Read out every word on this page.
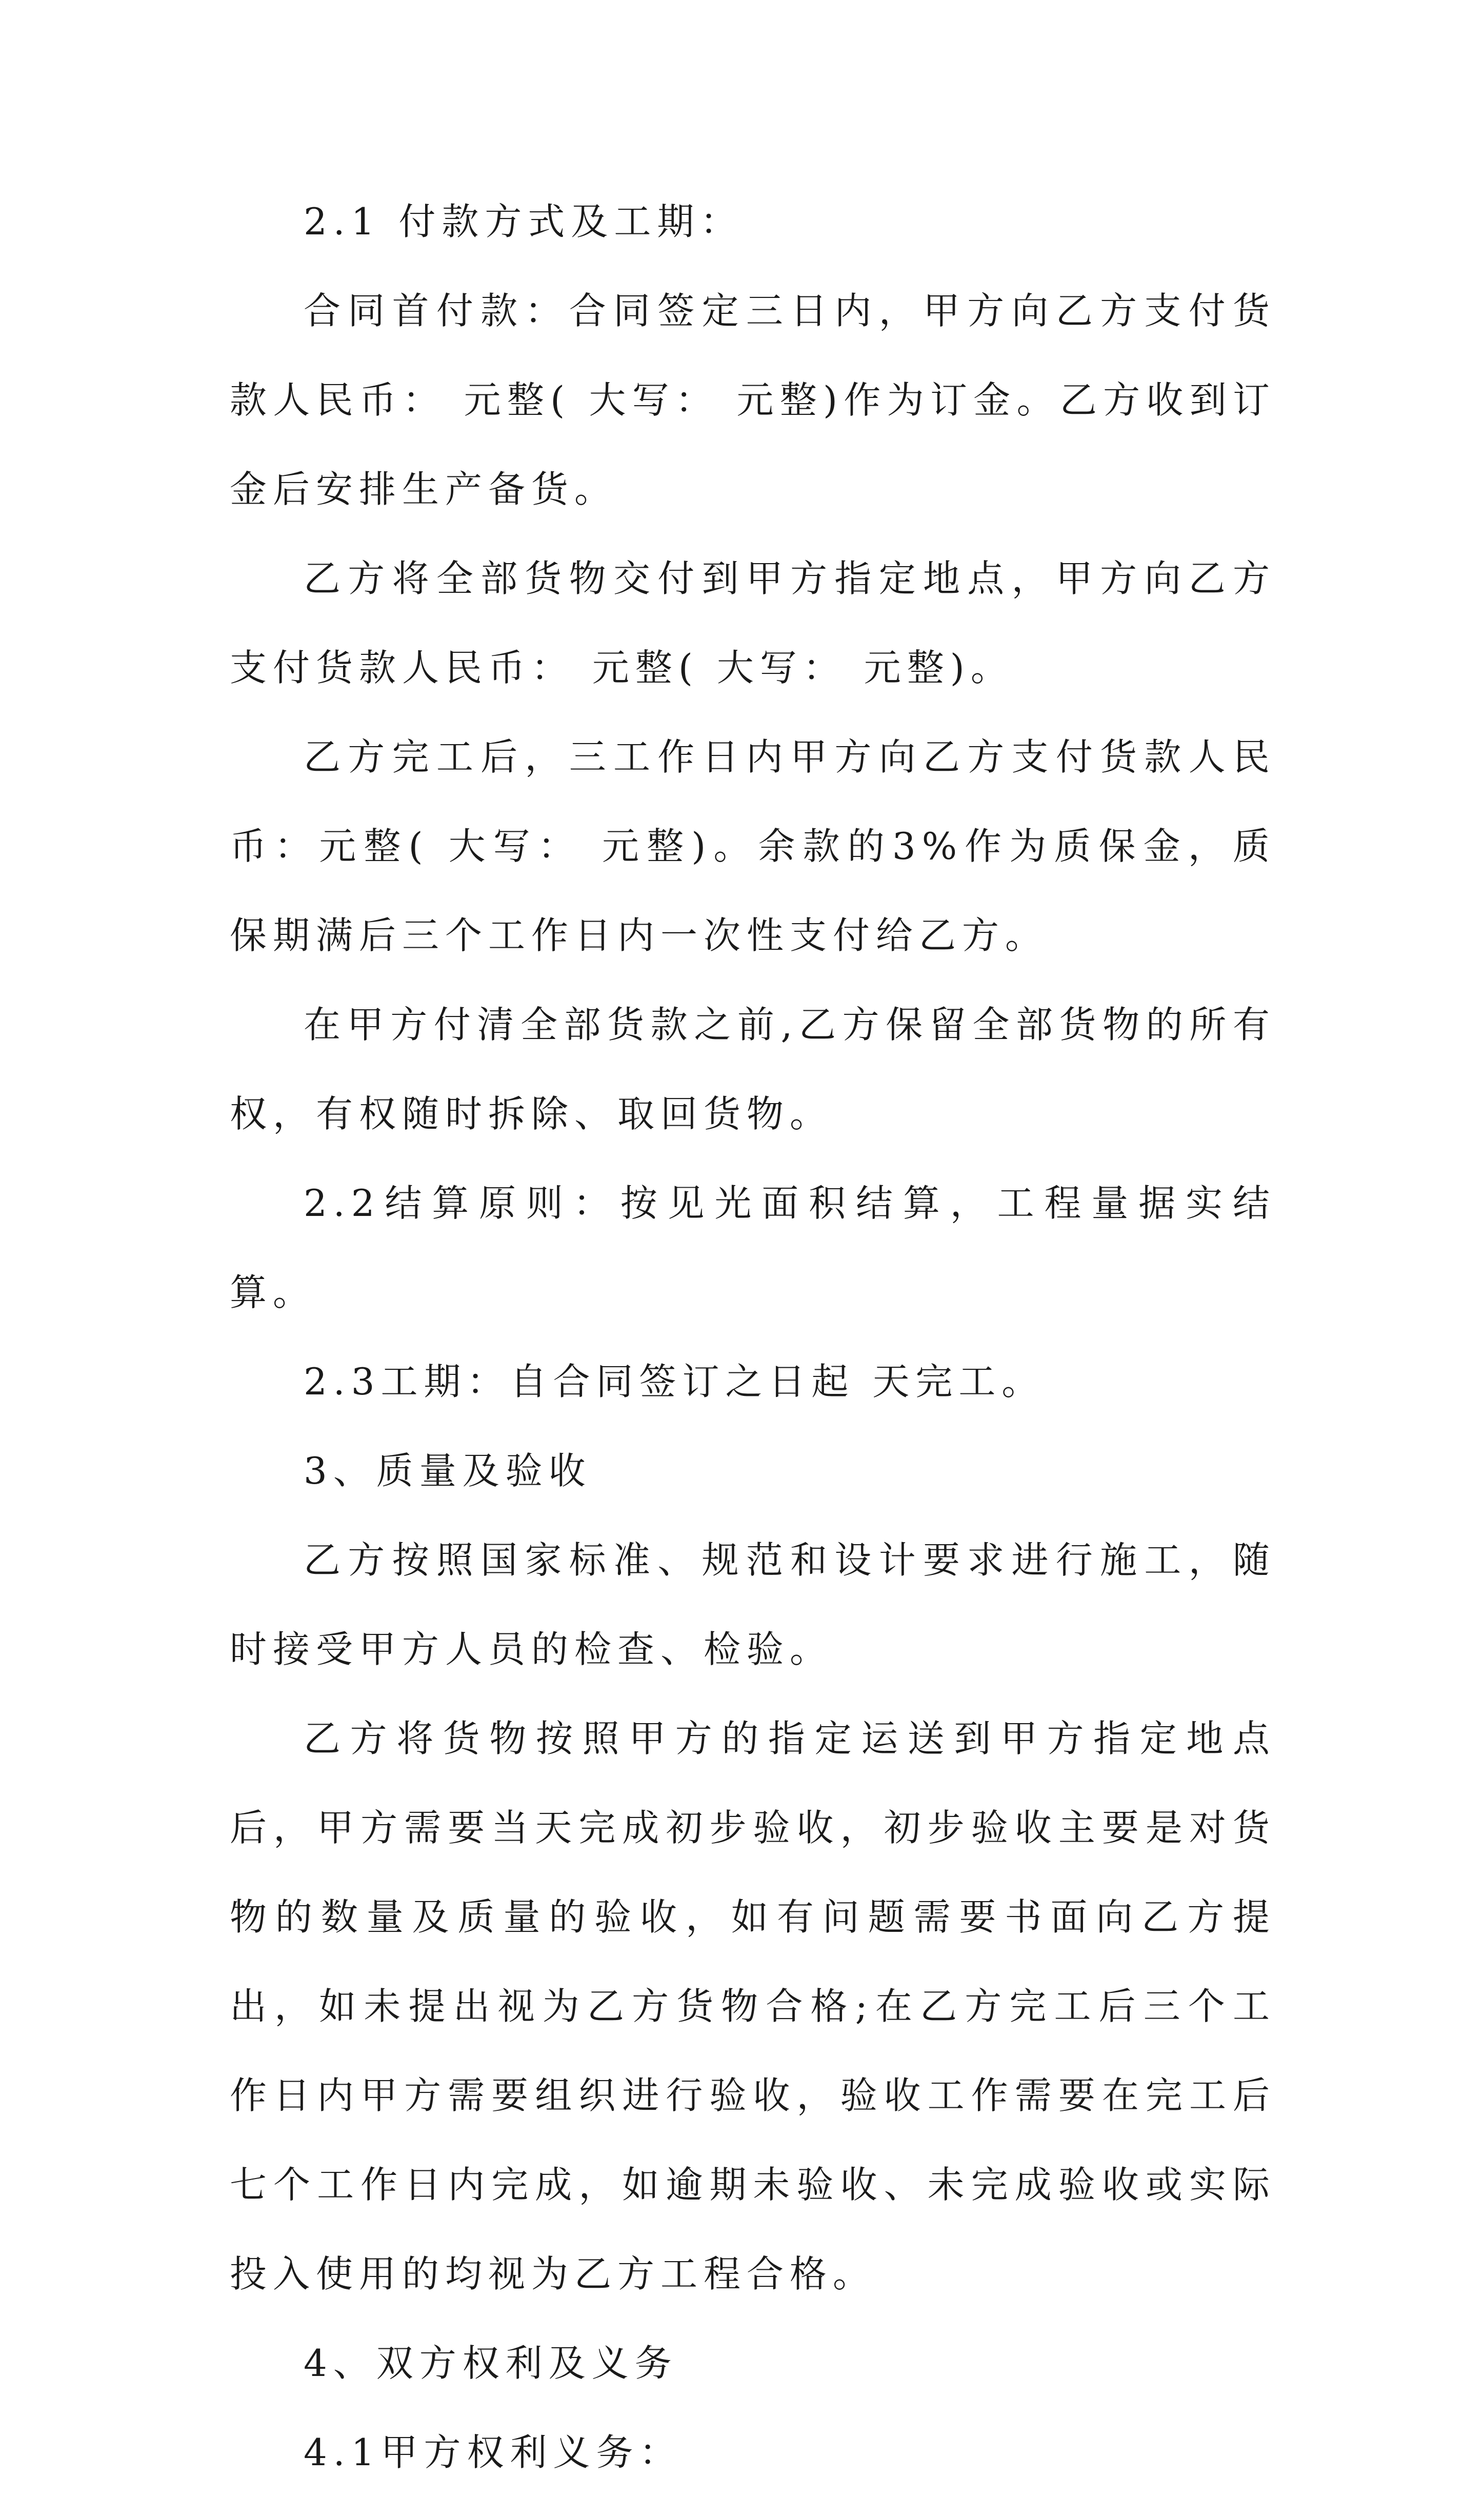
2.1 付款方式及工期：

合同首付款：合同签定三日内，甲方向乙方支付货款人民币： 元整( 大写： 元整)作为订金。乙方收到订金后安排生产备货。

乙方将全部货物交付到甲方指定地点，甲方向乙方支付货款人民币： 元整( 大写： 元整)。

乙方完工后，三工作日内甲方向乙方支付货款人民币：元整( 大写： 元整)。余款的3%作为质保金，质保期满后三个工作日内一次性支付给乙方。

在甲方付清全部货款之前,乙方保留全部货物的所有权，有权随时拆除、取回货物。

2.2结算原则：按见光面积结算，工程量据实结算。

2.3工期：自合同签订之日起 天完工。

3、质量及验收

乙方按照国家标准、规范和设计要求进行施工，随时接受甲方人员的检查、检验。

乙方将货物按照甲方的指定运送到甲方指定地点后，甲方需要当天完成初步验收，初步验收主要是对货物的数量及质量的验收，如有问题需要书面向乙方提出，如未提出视为乙方货物合格;在乙方完工后三个工作日内甲方需要组织进行验收，验收工作需要在完工后七个工作日内完成，如逾期未验收、未完成验收或实际投入使用的均视为乙方工程合格。

4、双方权利及义务

4.1甲方权利义务：
